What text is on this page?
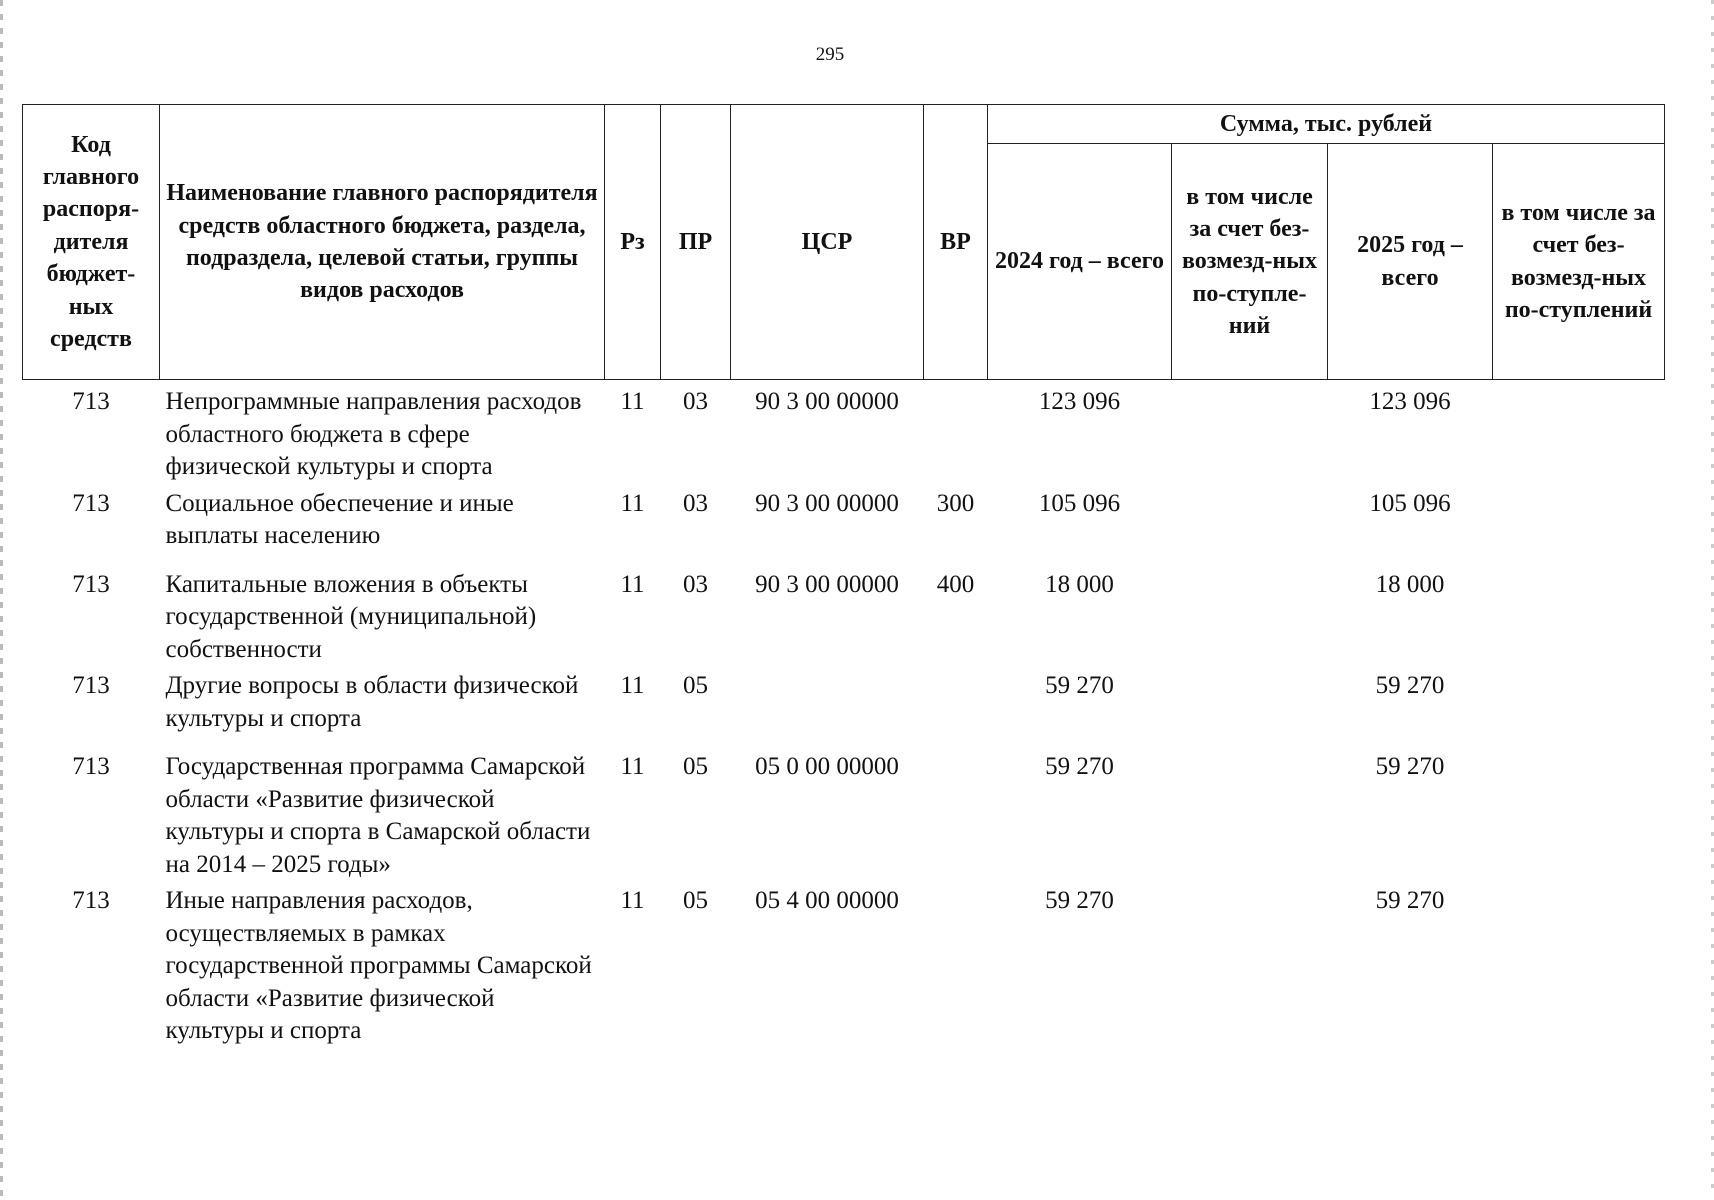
295
Код главного распоря-дителя бюджет-ных средств	Наименование главного распорядителя средств областного бюджета, раздела, подраздела, целевой статьи, группы видов расходов	Рз	ПР	ЦСР	ВР	Сумма, тыс. рублей			
						2024 год – всего	в том числе за счет без-возмезд-ных по-ступле-ний	2025 год – всего	в том числе за счет без-возмезд-ных по-ступлений
713	Непрограммные направления расходов областного бюджета в сфере физической культуры и спорта	11	03	90 3 00 00000		123 096		123 096	
713	Социальное обеспечение и иные выплаты населению	11	03	90 3 00 00000	300	105 096		105 096	
713	Капитальные вложения в объекты государственной (муниципальной) собственности	11	03	90 3 00 00000	400	18 000		18 000	
713	Другие вопросы в области физической культуры и спорта	11	05			59 270		59 270	
713	Государственная программа Самарской области «Развитие физической культуры и спорта в Самарской области на 2014 – 2025 годы»	11	05	05 0 00 00000		59 270		59 270	
713	Иные направления расходов, осуществляемых в рамках государственной программы Самарской области «Развитие физической культуры и спорта	11	05	05 4 00 00000		59 270		59 270	
